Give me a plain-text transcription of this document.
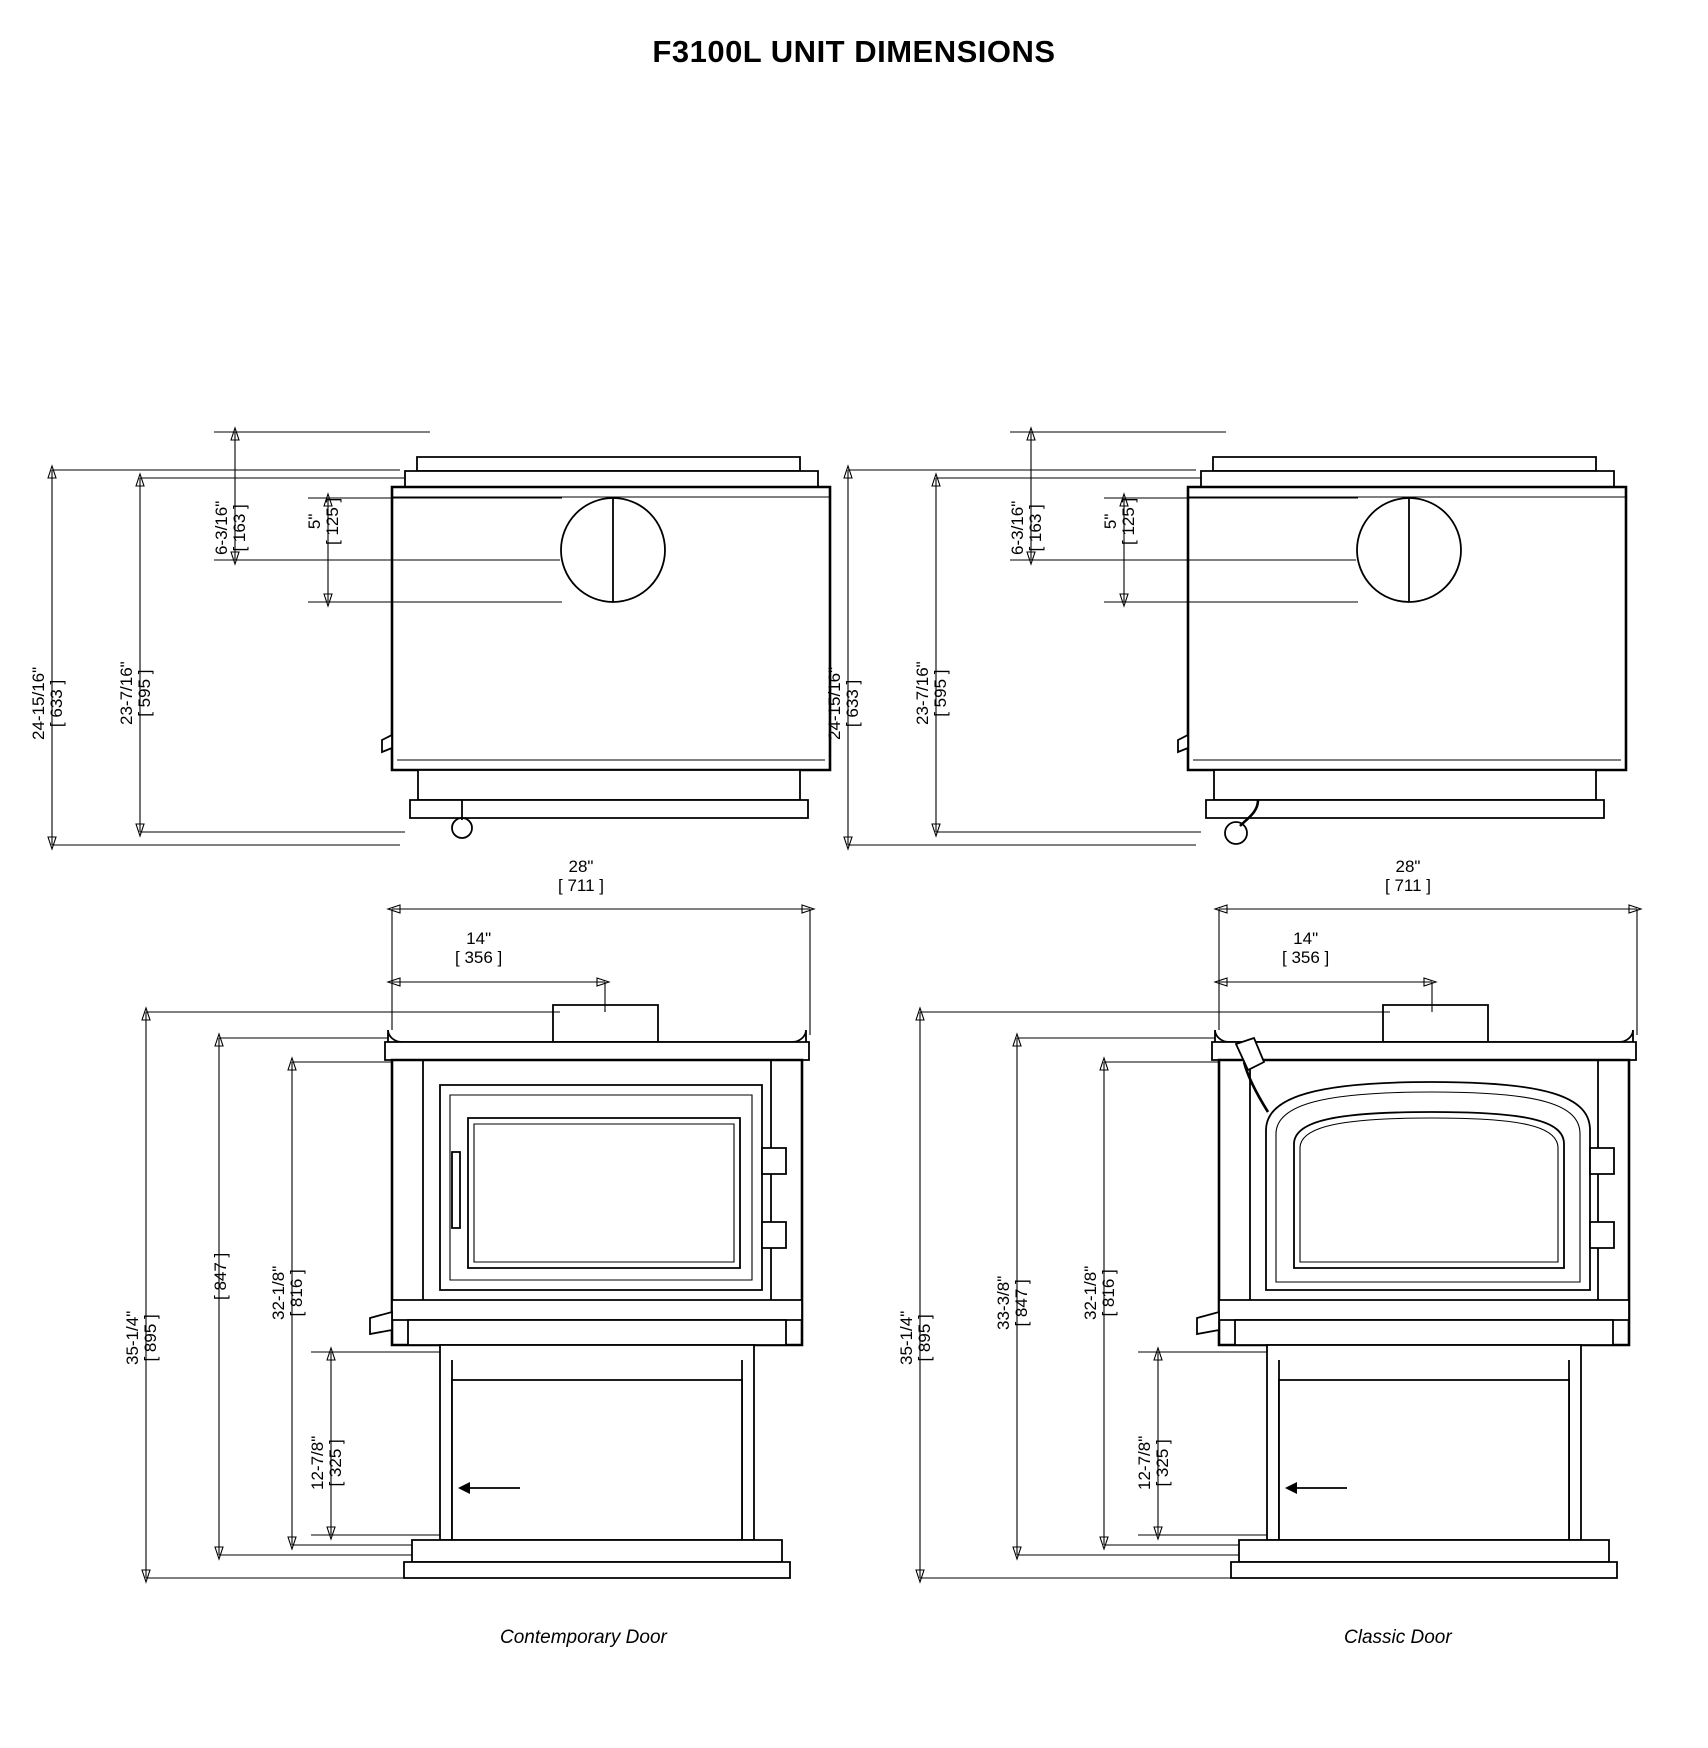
F3100L UNIT DIMENSIONS
24-15/16"
[ 633 ]	23-7/16"
[ 595 ]
6-3/16"
[ 163 ]	5"
[ 125 ]
24-15/16"
[ 633 ]	23-7/16"
[ 595 ]
6-3/16"
[ 163 ]	5"
[ 125 ]
28"
[ 711 ]
14"
[ 356 ]
35-1/4"
[ 895 ]
[ 847 ] 32-1/8"
[ 816 ]
12-7/8"
[ 325 ]
28"
[ 711 ]
14"
[ 356 ]
35-1/4"
[ 895 ]
33-3/8"
[ 847 ]	32-1/8"
[ 816 ]
12-7/8"
[ 325 ]
Contemporary Door	Classic Door
